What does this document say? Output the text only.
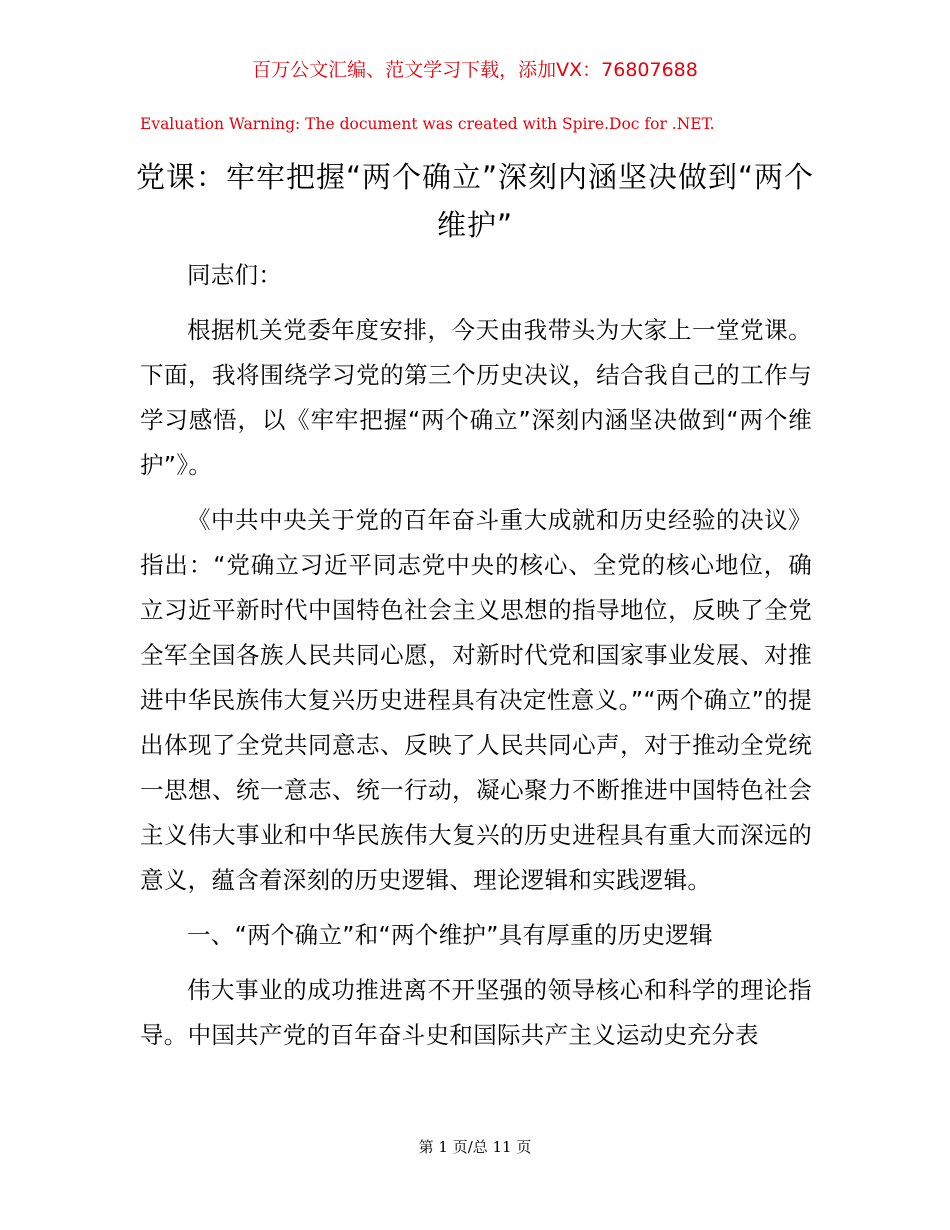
百万公文汇编、范文学习下载，添加VX：76807688
Evaluation Warning: The document was created with Spire.Doc for .NET.
党课：牢牢把握“两个确立”深刻内涵坚决做到“两个维护”

同志们：

根据机关党委年度安排，今天由我带头为大家上一堂党课。下面，我将围绕学习党的第三个历史决议，结合我自己的工作与学习感悟，以《牢牢把握“两个确立”深刻内涵坚决做到“两个维护”》。

《中共中央关于党的百年奋斗重大成就和历史经验的决议》指出：“党确立习近平同志党中央的核心、全党的核心地位，确立习近平新时代中国特色社会主义思想的指导地位，反映了全党全军全国各族人民共同心愿，对新时代党和国家事业发展、对推进中华民族伟大复兴历史进程具有决定性意义。”“两个确立”的提出体现了全党共同意志、反映了人民共同心声，对于推动全党统一思想、统一意志、统一行动，凝心聚力不断推进中国特色社会主义伟大事业和中华民族伟大复兴的历史进程具有重大而深远的意义，蕴含着深刻的历史逻辑、理论逻辑和实践逻辑。

一、“两个确立”和“两个维护”具有厚重的历史逻辑

伟大事业的成功推进离不开坚强的领导核心和科学的理论指导。中国共产党的百年奋斗史和国际共产主义运动史充分表

第 1 页/总 11 页
